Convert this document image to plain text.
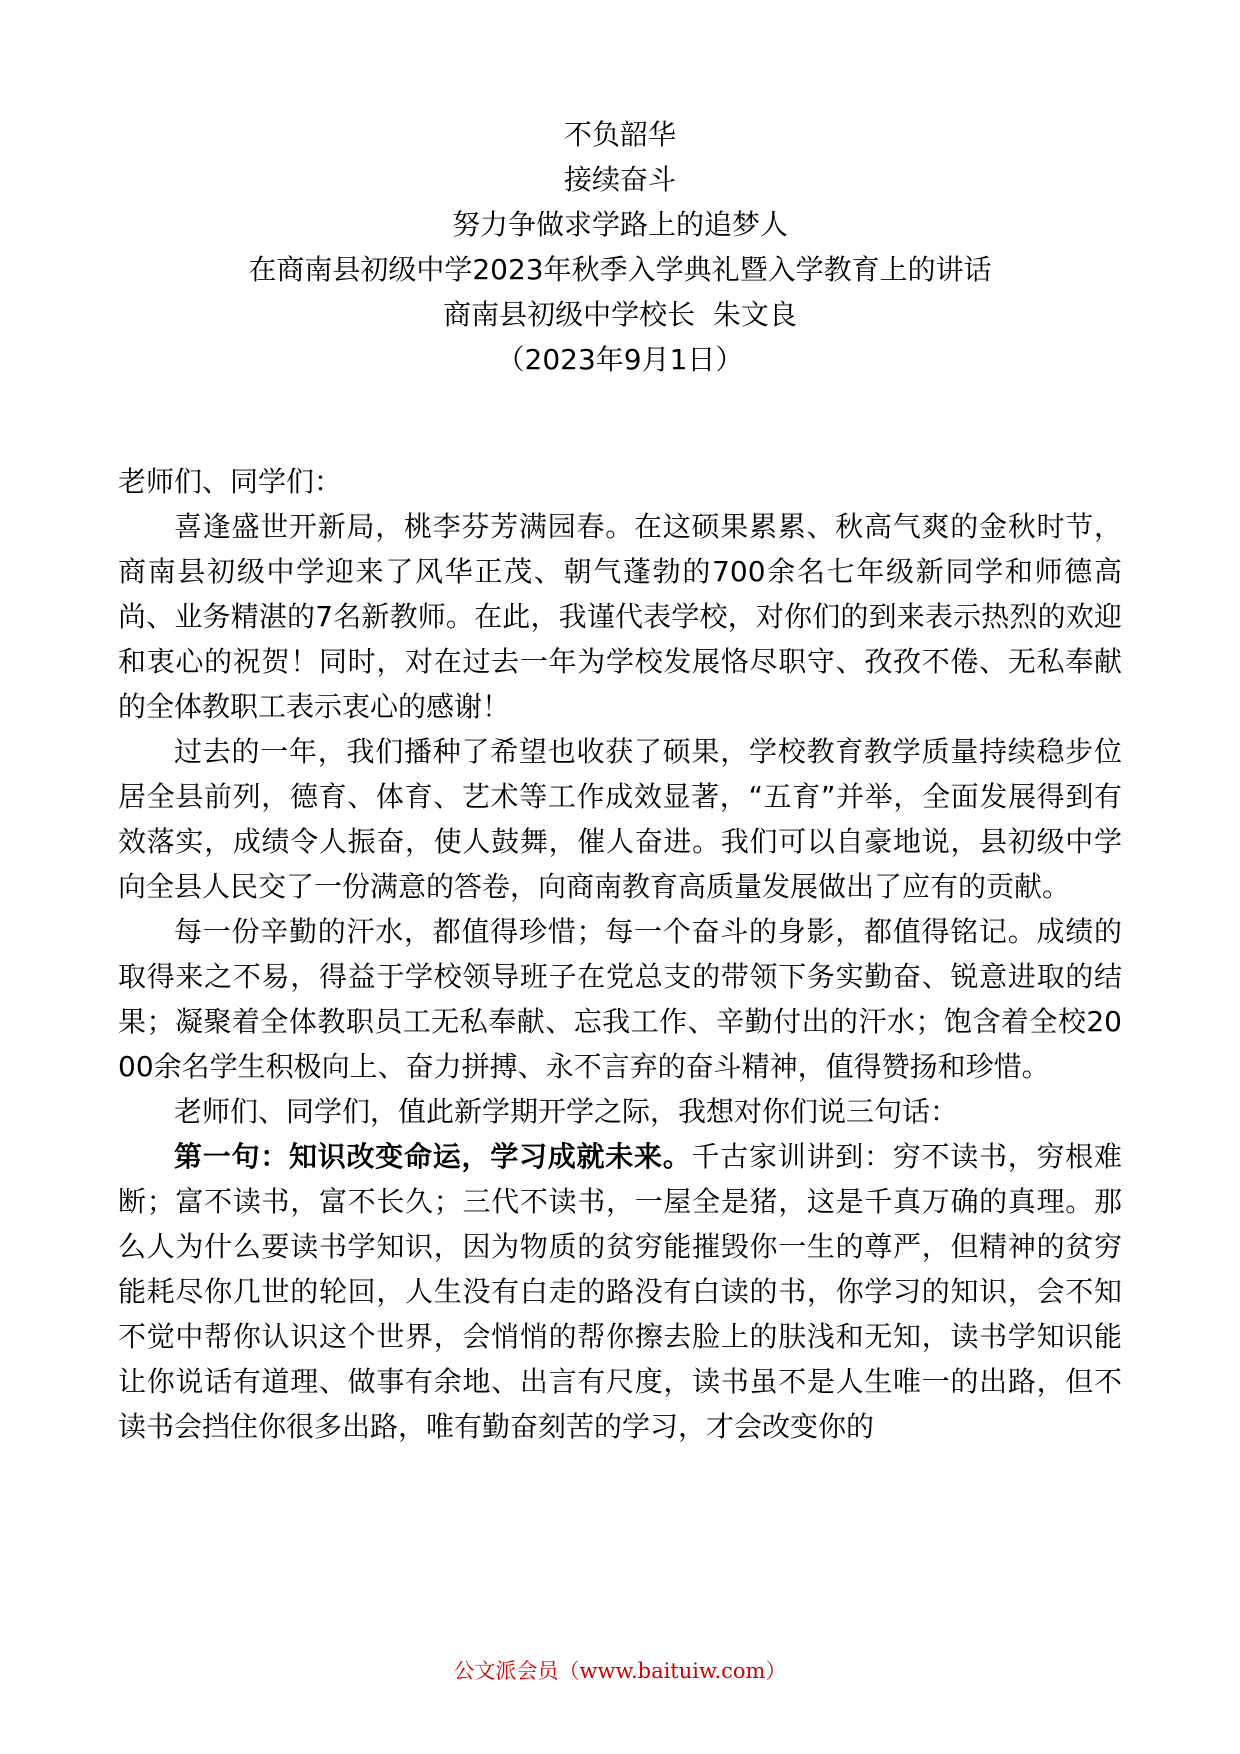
不负韶华
接续奋斗
努力争做求学路上的追梦人
在商南县初级中学2023年秋季入学典礼暨入学教育上的讲话
商南县初级中学校长  朱文良
（2023年9月1日）

老师们、同学们：

喜逢盛世开新局，桃李芬芳满园春。在这硕果累累、秋高气爽的金秋时节，商南县初级中学迎来了风华正茂、朝气蓬勃的700余名七年级新同学和师德高尚、业务精湛的7名新教师。在此，我谨代表学校，对你们的到来表示热烈的欢迎和衷心的祝贺！同时，对在过去一年为学校发展恪尽职守、孜孜不倦、无私奉献的全体教职工表示衷心的感谢！

过去的一年，我们播种了希望也收获了硕果，学校教育教学质量持续稳步位居全县前列，德育、体育、艺术等工作成效显著，“五育”并举，全面发展得到有效落实，成绩令人振奋，使人鼓舞，催人奋进。我们可以自豪地说，县初级中学向全县人民交了一份满意的答卷，向商南教育高质量发展做出了应有的贡献。

每一份辛勤的汗水，都值得珍惜；每一个奋斗的身影，都值得铭记。成绩的取得来之不易，得益于学校领导班子在党总支的带领下务实勤奋、锐意进取的结果；凝聚着全体教职员工无私奉献、忘我工作、辛勤付出的汗水；饱含着全校2000余名学生积极向上、奋力拼搏、永不言弃的奋斗精神，值得赞扬和珍惜。

老师们、同学们，值此新学期开学之际，我想对你们说三句话：

第一句：知识改变命运，学习成就未来。千古家训讲到：穷不读书，穷根难断；富不读书，富不长久；三代不读书，一屋全是猪，这是千真万确的真理。那么人为什么要读书学知识，因为物质的贫穷能摧毁你一生的尊严，但精神的贫穷能耗尽你几世的轮回，人生没有白走的路没有白读的书，你学习的知识，会不知不觉中帮你认识这个世界，会悄悄的帮你擦去脸上的肤浅和无知，读书学知识能让你说话有道理、做事有余地、出言有尺度，读书虽不是人生唯一的出路，但不读书会挡住你很多出路，唯有勤奋刻苦的学习，才会改变你的

公文派会员（www.baituiw.com）
